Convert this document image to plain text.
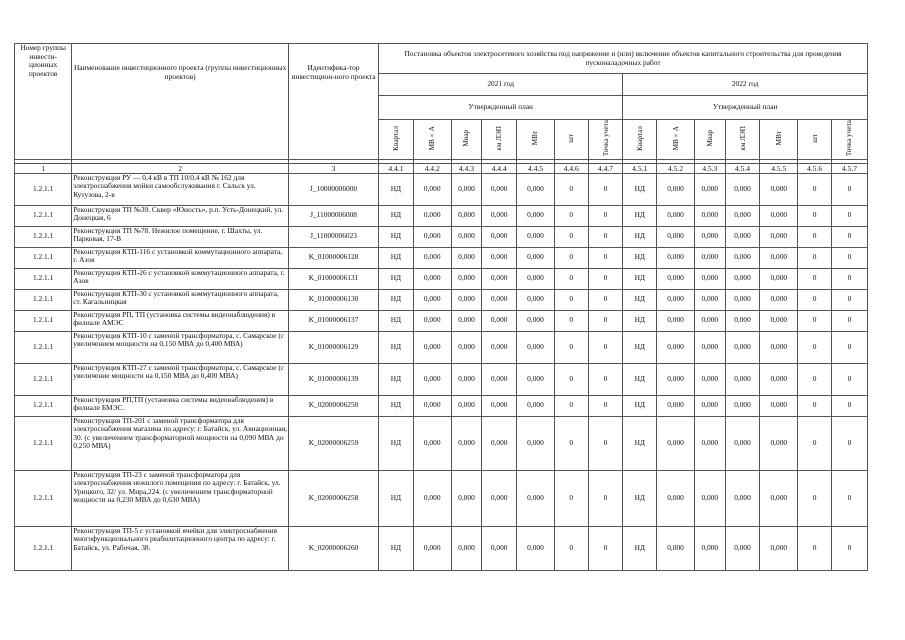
Номер группы инвести-ционных проектов	Наименование инвестиционного проекта (группы инвестиционных проектов)	Идентифика-тор инвестицион-ного проекта	Постановка объектов электросетевого хозяйства под напряжение и (или) включение объектов капитального строительства для проведения пусконаладочных работ													
			2021 год							2022 год						
			Утвержденный план							Утвержденный план						
			Квартал	МВ×А	Мвар	км ЛЭП	МВт	шт	Точка учета	Квартал	МВ×А	Мвар	км ЛЭП	МВт	шт	Точка учета

1	2	3	4.4.1	4.4.2	4.4.3	4.4.4	4.4.5	4.4.6	4.4.7	4.5.1	4.5.2	4.5.3	4.5.4	4.5.5	4.5.6	4.5.7
1.2.1.1	Реконструкция РУ — 0,4 кВ в ТП 10/0,4 кВ № 162 для электроснабжения мойки самообслуживания г. Сальск ул. Кутузова, 2-в	J_10000006000	НД	0,000	0,000	0,000	0,000	0	0	НД	0,000	0,000	0,000	0,000	0	0
1.2.1.1	Реконструкция ТП №39. Сквер «Юность», р.п. Усть-Донецкий, ул. Донецкая, 6	J_11000006008	НД	0,000	0,000	0,000	0,000	0	0	НД	0,000	0,000	0,000	0,000	0	0
1.2.1.1	Реконструкция ТП №78. Нежилое помещение, г. Шахты, ул. Парковая, 17-В	J_11000006023	НД	0,000	0,000	0,000	0,000	0	0	НД	0,000	0,000	0,000	0,000	0	0
1.2.1.1	Реконструкция КТП-116 с установкой коммутационного аппарата, г. Азов	K_01000006128	НД	0,000	0,000	0,000	0,000	0	0	НД	0,000	0,000	0,000	0,000	0	0
1.2.1.1	Реконструкция КТП-26 с установкой коммутационного аппарата, г. Азов	K_01000006131	НД	0,000	0,000	0,000	0,000	0	0	НД	0,000	0,000	0,000	0,000	0	0
1.2.1.1	Реконструкция КТП-30 с установкой коммутационного аппарата, ст. Кагальницкая	K_01000006130	НД	0,000	0,000	0,000	0,000	0	0	НД	0,000	0,000	0,000	0,000	0	0
1.2.1.1	Реконструкция РП, ТП (установка системы видеонаблюдения) в филиале АМЭС	K_01000006137	НД	0,000	0,000	0,000	0,000	0	0	НД	0,000	0,000	0,000	0,000	0	0
1.2.1.1	Реконструкция КТП-10 с заменой трансформатора, с. Самарское (с увеличением мощности на 0,150 МВА до 0,400 МВА)	K_01000006129	НД	0,000	0,000	0,000	0,000	0	0	НД	0,000	0,000	0,000	0,000	0	0
1.2.1.1	Реконструкция КТП-27 с заменой трансформатора, с. Самарское (с увеличение мощности на 0,150 МВА до 0,400 МВА)	K_01000006139	НД	0,000	0,000	0,000	0,000	0	0	НД	0,000	0,000	0,000	0,000	0	0
1.2.1.1	Реконструкция РП,ТП (установка системы видеонаблюдения) в филиале БМЭС.	K_02000006250	НД	0,000	0,000	0,000	0,000	0	0	НД	0,000	0,000	0,000	0,000	0	0
1.2.1.1	Реконструкция ТП-201 с заменой трансформатора для электроснабжения магазина по адресу: г. Батайск, ул. Авиационная, 30. (с увеличением трансформаторной мощности на 0,090 МВА до 0,250 МВА)	K_02000006259	НД	0,000	0,000	0,000	0,000	0	0	НД	0,000	0,000	0,000	0,000	0	0
1.2.1.1	Реконструкция ТП-23 с заменой трансформатора для электроснабжения нежилого помещения по адресу: г. Батайск, ул. Урицкого, 32/ ул. Мира,224. (с увеличением трансформаторной мощности на 0,230 МВА до 0,630 МВА)	K_02000006258	НД	0,000	0,000	0,000	0,000	0	0	НД	0,000	0,000	0,000	0,000	0	0
1.2.1.1	Реконструкция ТП-5 с установкой ячейки для электроснабжения многофункционального реабилитационного центра по адресу: г. Батайск, ул. Рабочая, 38.	K_02000006260	НД	0,000	0,000	0,000	0,000	0	0	НД	0,000	0,000	0,000	0,000	0	0
